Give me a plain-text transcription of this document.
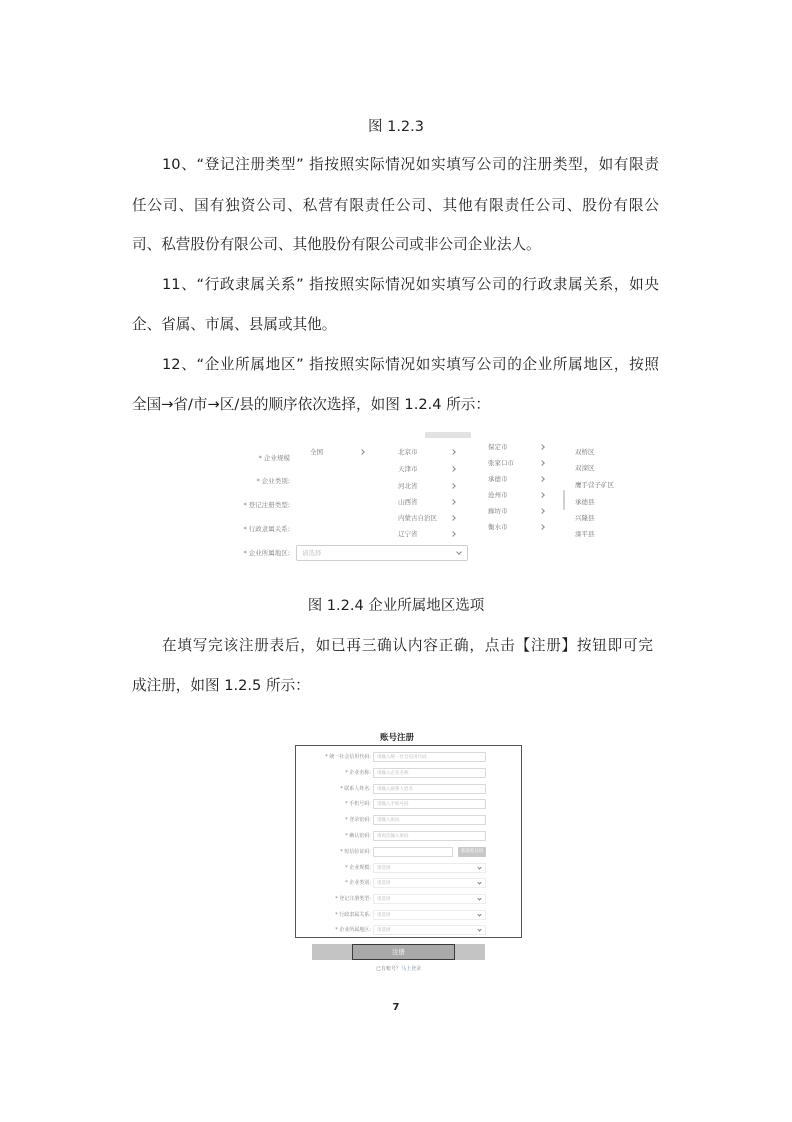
图 1.2.3
10、“登记注册类型” 指按照实际情况如实填写公司的注册类型，如有限责
任公司、国有独资公司、私营有限责任公司、其他有限责任公司、股份有限公
司、私营股份有限公司、其他股份有限公司或非公司企业法人。
11、“行政隶属关系” 指按照实际情况如实填写公司的行政隶属关系，如央
企、省属、市属、县属或其他。
12、“企业所属地区” 指按照实际情况如实填写公司的企业所属地区，按照
全国→省/市→区/县的顺序依次选择，如图 1.2.4 所示：
* 企业规模
* 企业类别:
* 登记注册类型:
* 行政隶属关系:
* 企业所属地区: 请选择
全国	北京市
天津市
河北省
山西省
内蒙古自治区
辽宁省
保定市
张家口市
承德市
沧州市
廊坊市
衡水市
双桥区
双滦区
鹰手营子矿区
承德县
兴隆县
滦平县
图 1.2.4 企业所属地区选项
在填写完该注册表后，如已再三确认内容正确，点击【注册】按钮即可完
成注册，如图 1.2.5 所示：
账号注册
* 统一社会信用代码: 请输入统一社会信用代码
* 企业名称: 请输入企业名称
* 联系人姓名: 请输入联系人姓名
* 手机号码: 请输入手机号码
* 登录密码: 请输入密码
* 确认密码: 请再次输入密码
* 短信验证码:	获取验证码
* 企业规模: 请选择
* 企业类别: 请选择
* 登记注册类型: 请选择
* 行政隶属关系: 请选择
* 企业所属地区: 请选择
注册
已有账号？马上登录
7
